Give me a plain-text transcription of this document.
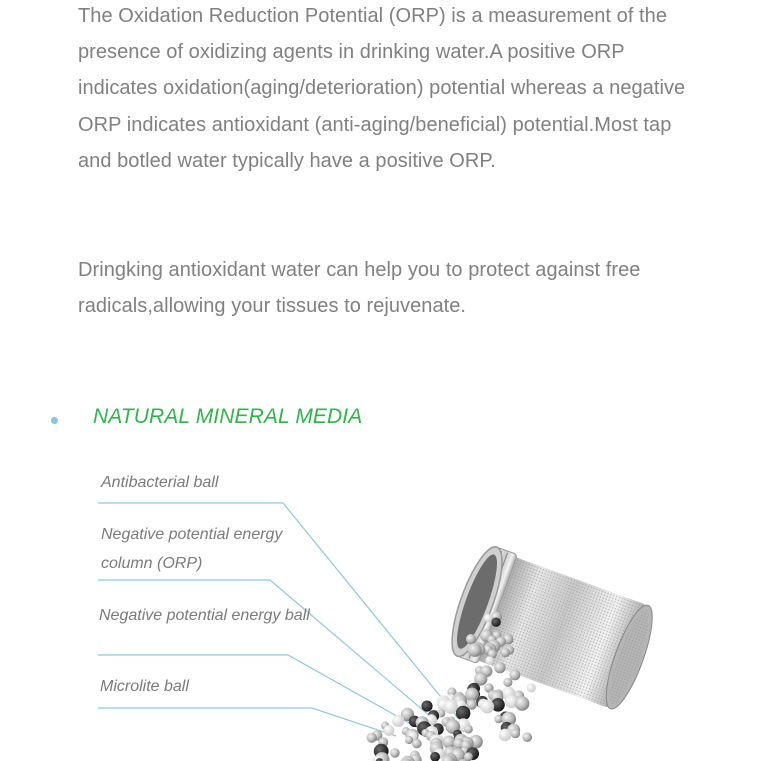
The Oxidation Reduction Potential (ORP) is a measurement of the presence of oxidizing agents in drinking water.A positive ORP indicates oxidation(aging/deterioration) potential whereas a negative ORP indicates antioxidant (anti-aging/beneficial) potential.Most tap and botled water typically have a positive ORP.

Dringking antioxidant water can help you to protect against free radicals,allowing your tissues to rejuvenate.

NATURAL MINERAL MEDIA

Antibacterial ball

Negative potential energy column (ORP)

Negative potential energy ball

Microlite ball
